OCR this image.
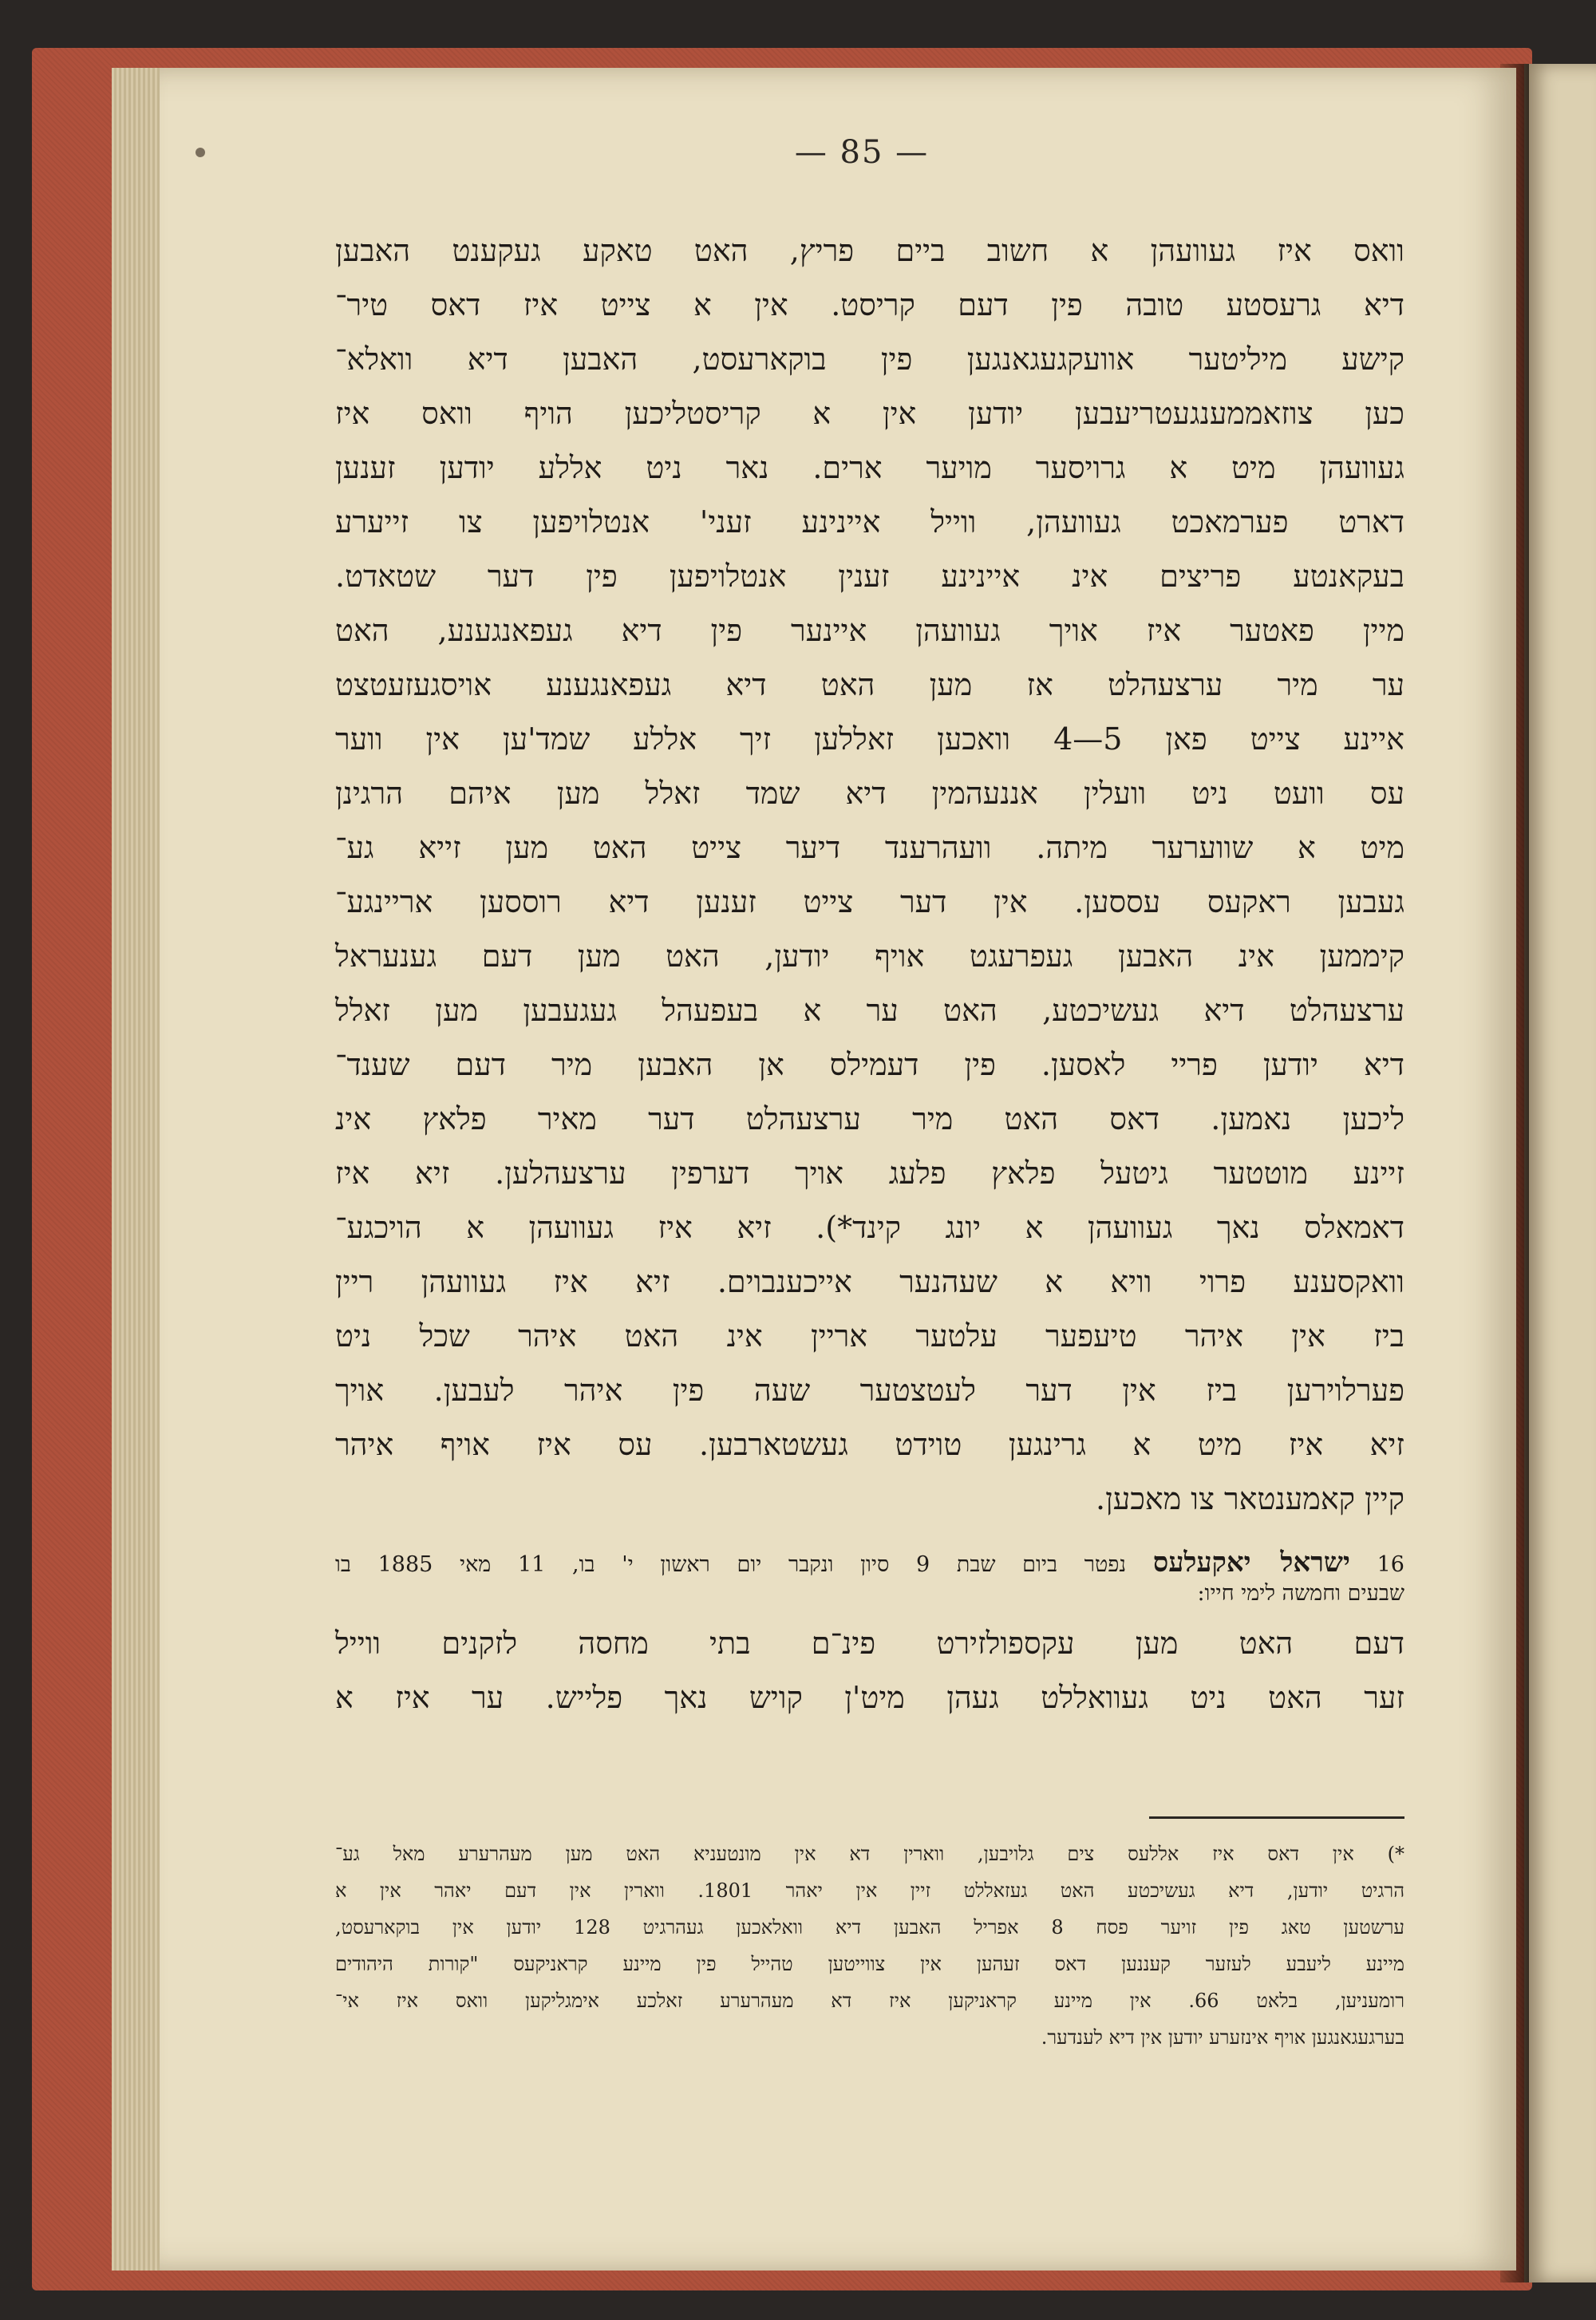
— 85 —
וואס איז געוועהן א חשוב ביים פריץ, האט טאקע געקענט האבען
דיא גרעסטע טובה פין דעם קריסט. אין א צייט איז דאס טיר־
קישע מיליטער אוועקגעגאנגען פין בוקארעסט, האבען דיא וואלא־
כען צוזאממענגעטריעבען יודען אין א קריסטליכען הויף וואס איז
געוועהן מיט א גרויסער מויער ארים. נאר ניט אללע יודען זענען
דארט פערמאכט געוועהן, ווייל איינינע זעני' אנטלויפען צו זייערע
בעקאנטע פריצים אינ איינינע זענין אנטלויפען פין דער שטאדט.
מיין פאטער איז אויך געוועהן איינער פין דיא געפאנגענע, האט
ער מיר ערצעהלט אז מען האט דיא געפאנגענע אויסגעזעטצט
איינע צייט פאן 5—4 וואכען זאללען זיך אללע שמד'ען אין ווער
עס וועט ניט וועלין אננעהמין דיא שמד זאלל מען איהם הרגינן
מיט א שווערער מיתה. וועהרענד דיער צייט האט מען זייא גע־
געבען ראקעס עססען. אין דער צייט זענען דיא רוססען אריינגע־
קיממען אינ האבען געפרעגט אויף יודען, האט מען דעם גענעראל
ערצעהלט דיא געשיכטע, האט ער א בעפעהל געגעבען מען זאלל
דיא יודען פריי לאסען. פין דעמילס אן האבען מיר דעם שענד־
ליכען נאמען. דאס האט מיר ערצעהלט דער מאיר פלאץ אינ
זיינע מוטטער גיטעל פלאץ פלעג אויך דערפין ערצעהלען. זיא איז
דאמאלס נאך געוועהן א יונג קינד*). זיא איז געוועהן א הויכגע־
וואקסענע פרוי וויא א שעהנער אייכענבוים. זיא איז געוועהן ריין
ביז אין איהר טיעפער עלטער אריין אינ האט איהר שכל ניט
פערלוירען ביז אין דער לעטצטער שעה פין איהר לעבען. אויך
זיא איז מיט א גרינגען טוידט געשטארבען. עס איז אויף איהר
קיין קאמענטאר צו מאכען.
16 ישראל יאקעלעס נפטר ביום שבת 9 סיון ונקבר יום ראשון י' בו, 11 מאי 1885 בו
שבעים וחמשה לימי חייו:
דעם האט מען עקספולזירט פינ־ם בתי מחסה לזקנים ווייל
זער האט ניט געוואללט געהן מיט'ן קויש נאך פלייש. ער איז א
*) אין דאס איז אללעס צים גלויבען, ווארין דא אין מונטעניא האט מען מעהרערע מאל גע־
הרגיט יודען, דיא געשיכטע האט געזאללט זיין אין יאהר 1801. ווארין אין דעם יאהר אין א
ערשטען טאג פין זויער פסח 8 אפריל האבען דיא וואלאכען געהרגיט 128 יודען אין בוקארעסט,
מיינע ליעבע לעזער קעננען דאס זעהען אין צווייטען טהייל פין מיינע קראניקעס "קורות היהודים
רומעניען, בלאט 66. אין מיינע קראניקען איז דא מעהרערע זאלכע אימגליקען וואס איז אי־
בערגעגאנגען אויף אינזערע יודען אין דיא לענדער.
